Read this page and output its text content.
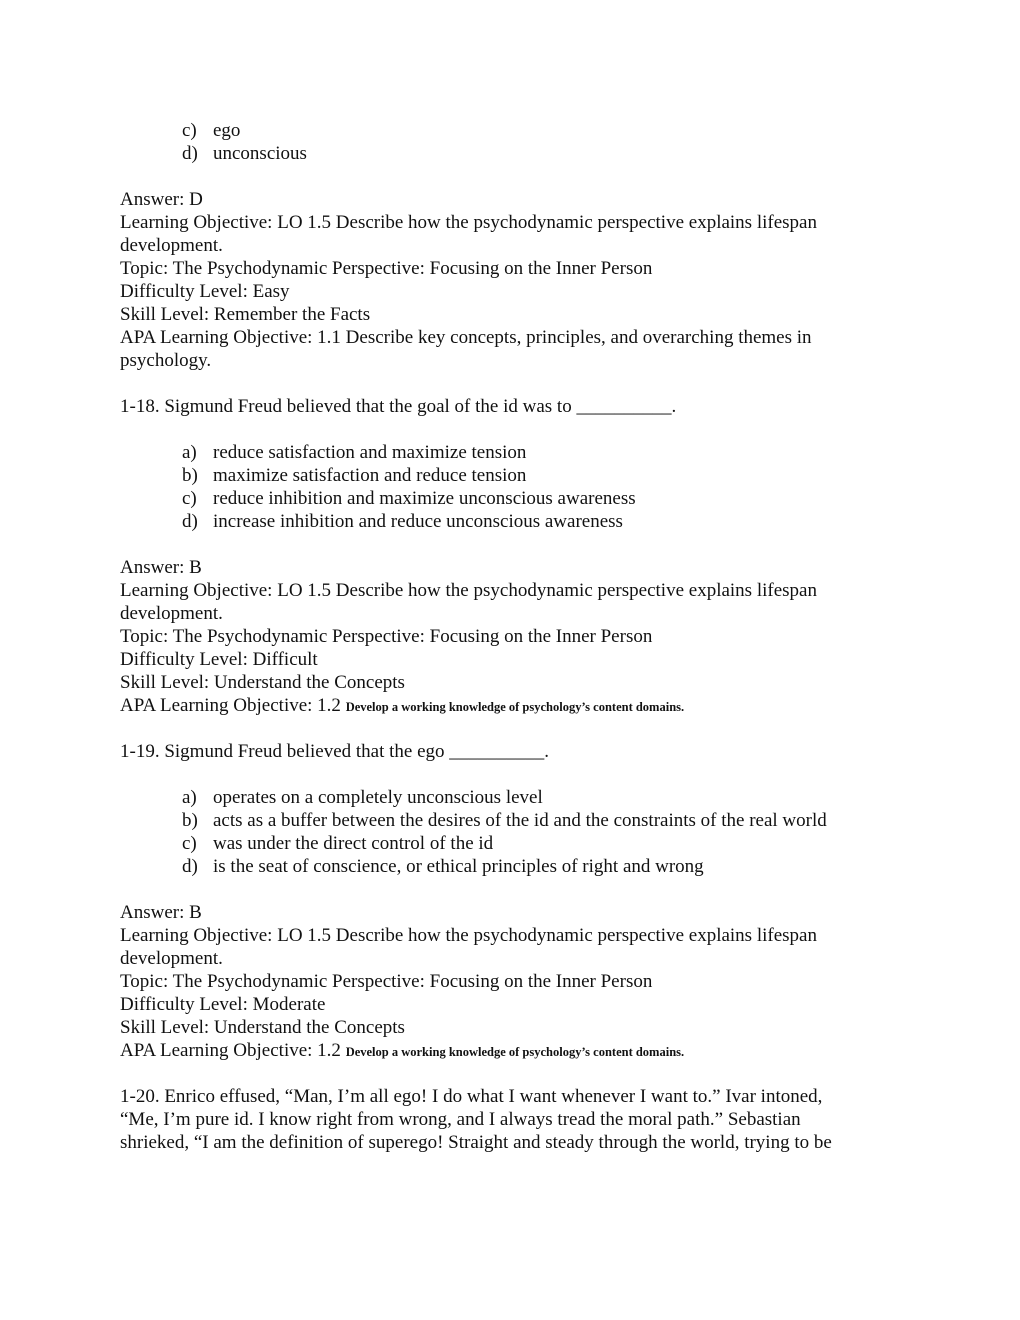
c) ego
d) unconscious
Answer: D
Learning Objective: LO 1.5 Describe how the psychodynamic perspective explains lifespan
development.
Topic: The Psychodynamic Perspective: Focusing on the Inner Person
Difficulty Level: Easy
Skill Level: Remember the Facts
APA Learning Objective: 1.1 Describe key concepts, principles, and overarching themes in
psychology.
1-18. Sigmund Freud believed that the goal of the id was to __________.
a) reduce satisfaction and maximize tension
b) maximize satisfaction and reduce tension
c) reduce inhibition and maximize unconscious awareness
d) increase inhibition and reduce unconscious awareness
Answer: B
Learning Objective: LO 1.5 Describe how the psychodynamic perspective explains lifespan
development.
Topic: The Psychodynamic Perspective: Focusing on the Inner Person
Difficulty Level: Difficult
Skill Level: Understand the Concepts
APA Learning Objective: 1.2 Develop a working knowledge of psychology’s content domains.
1-19. Sigmund Freud believed that the ego __________.
a) operates on a completely unconscious level
b) acts as a buffer between the desires of the id and the constraints of the real world
c) was under the direct control of the id
d) is the seat of conscience, or ethical principles of right and wrong
Answer: B
Learning Objective: LO 1.5 Describe how the psychodynamic perspective explains lifespan
development.
Topic: The Psychodynamic Perspective: Focusing on the Inner Person
Difficulty Level: Moderate
Skill Level: Understand the Concepts
APA Learning Objective: 1.2 Develop a working knowledge of psychology’s content domains.
1-20. Enrico effused, “Man, I’m all ego! I do what I want whenever I want to.” Ivar intoned,
“Me, I’m pure id. I know right from wrong, and I always tread the moral path.” Sebastian
shrieked, “I am the definition of superego! Straight and steady through the world, trying to be
